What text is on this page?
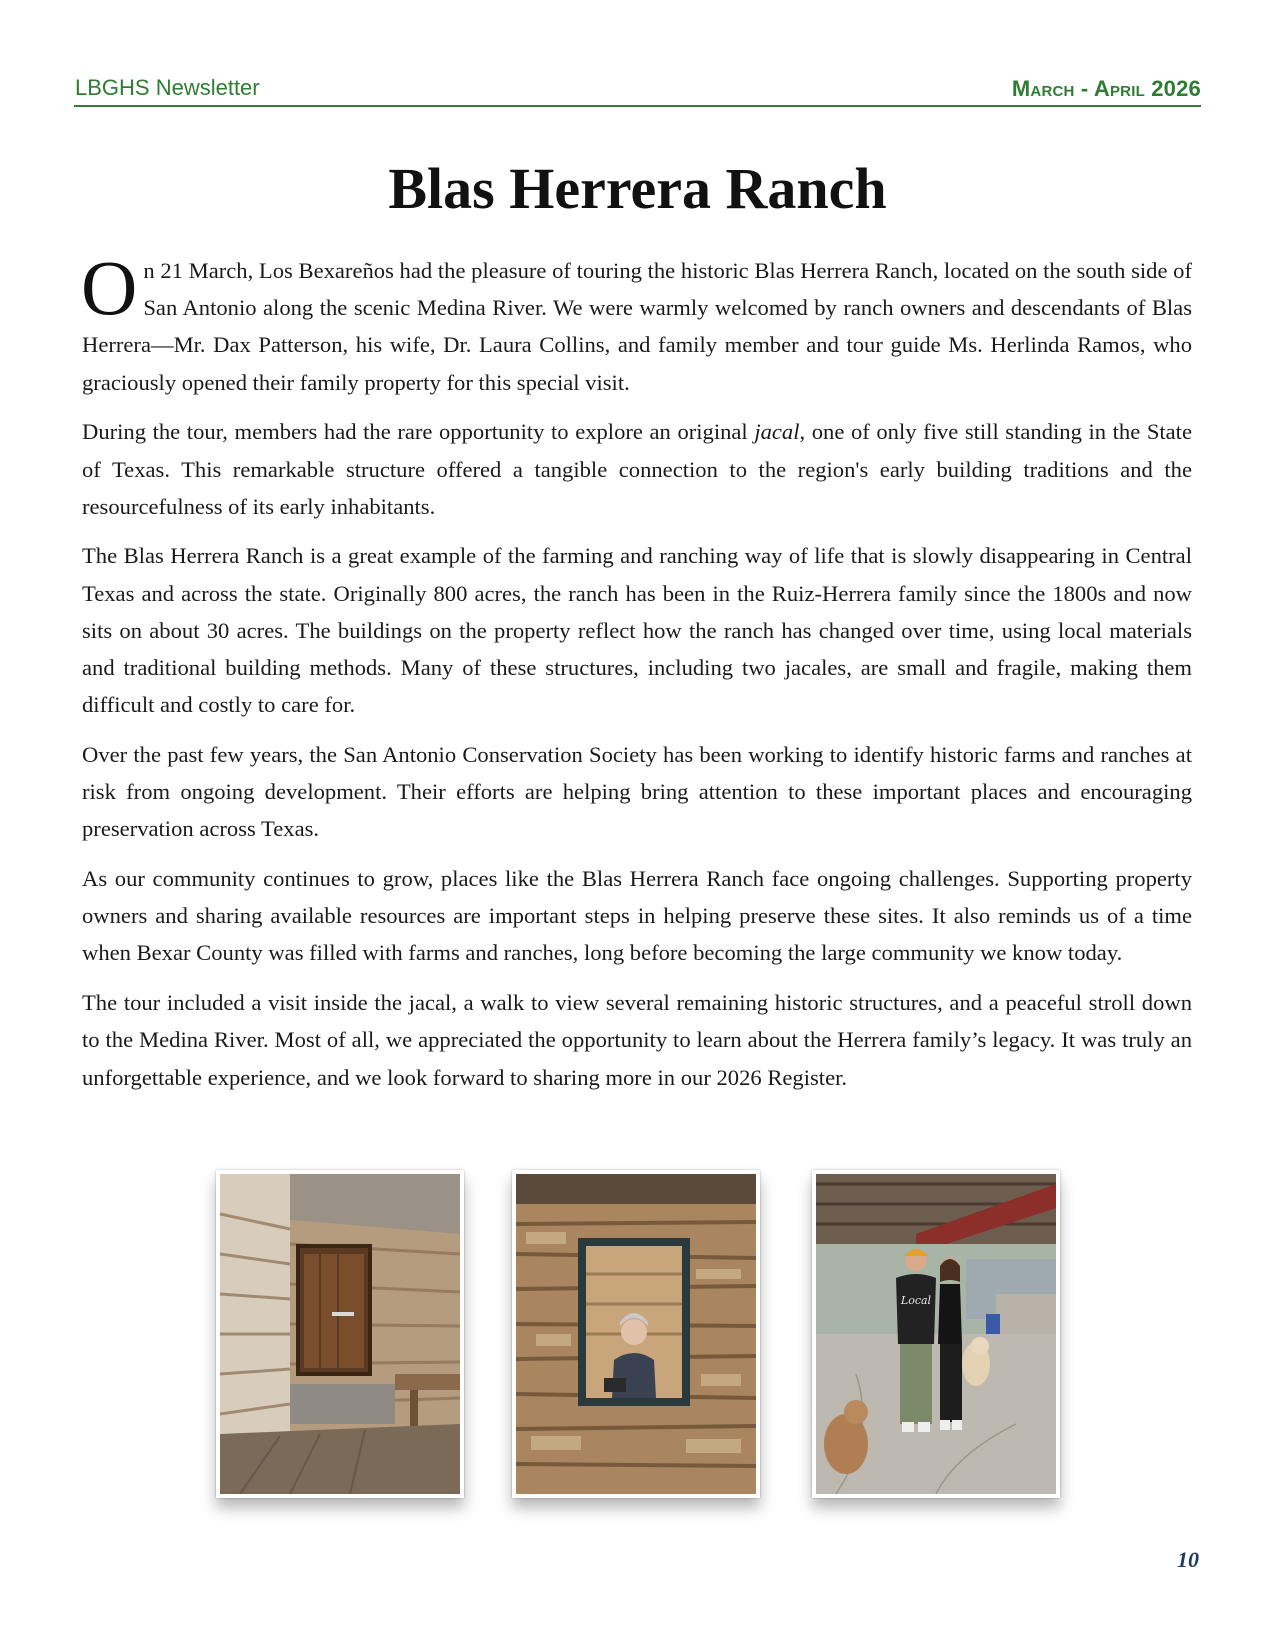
LBGHS Newsletter	March - April 2026
Blas Herrera Ranch

On 21 March, Los Bexareños had the pleasure of touring the historic Blas Herrera Ranch, located on the south side of San Antonio along the scenic Medina River. We were warmly welcomed by ranch owners and descendants of Blas Herrera—Mr. Dax Patterson, his wife, Dr. Laura Collins, and family member and tour guide Ms. Herlinda Ramos, who graciously opened their family property for this special visit.

During the tour, members had the rare opportunity to explore an original jacal, one of only five still standing in the State of Texas. This remarkable structure offered a tangible connection to the region's early building traditions and the resourcefulness of its early inhabitants.

The Blas Herrera Ranch is a great example of the farming and ranching way of life that is slowly disappearing in Central Texas and across the state. Originally 800 acres, the ranch has been in the Ruiz-Herrera family since the 1800s and now sits on about 30 acres. The buildings on the property reflect how the ranch has changed over time, using local materials and traditional building methods. Many of these structures, including two jacales, are small and fragile, making them difficult and costly to care for.

Over the past few years, the San Antonio Conservation Society has been working to identify historic farms and ranches at risk from ongoing development. Their efforts are helping bring attention to these important places and encouraging preservation across Texas.

As our community continues to grow, places like the Blas Herrera Ranch face ongoing challenges. Supporting property owners and sharing available resources are important steps in helping preserve these sites. It also reminds us of a time when Bexar County was filled with farms and ranches, long before becoming the large community we know today.

The tour included a visit inside the jacal, a walk to view several remaining historic structures, and a peaceful stroll down to the Medina River. Most of all, we appreciated the opportunity to learn about the Herrera family’s legacy. It was truly an unforgettable experience, and we look forward to sharing more in our 2026 Register.

Local
10
